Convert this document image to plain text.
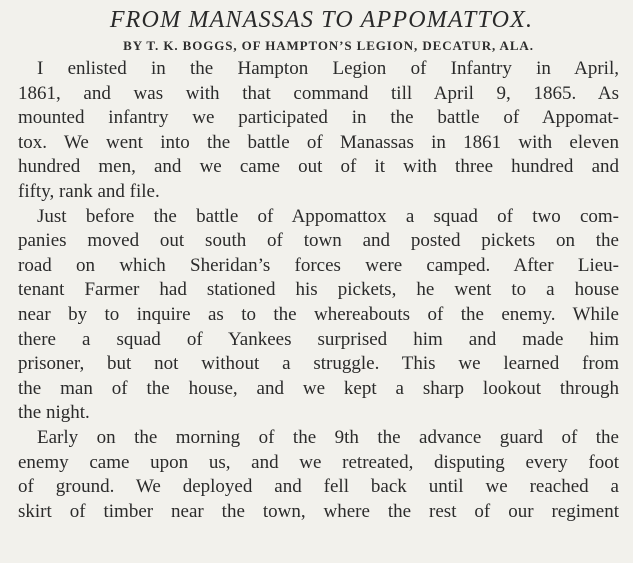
FROM MANASSAS TO APPOMATTOX.
BY T. K. BOGGS, OF HAMPTON’S LEGION, DECATUR, ALA.
I enlisted in the Hampton Legion of Infantry in April,
1861, and was with that command till April 9, 1865. As
mounted infantry we participated in the battle of Appomat-
tox. We went into the battle of Manassas in 1861 with eleven
hundred men, and we came out of it with three hundred and
fifty, rank and file.
Just before the battle of Appomattox a squad of two com-
panies moved out south of town and posted pickets on the
road on which Sheridan’s forces were camped. After Lieu-
tenant Farmer had stationed his pickets, he went to a house
near by to inquire as to the whereabouts of the enemy. While
there a squad of Yankees surprised him and made him
prisoner, but not without a struggle. This we learned from
the man of the house, and we kept a sharp lookout through
the night.
Early on the morning of the 9th the advance guard of the
enemy came upon us, and we retreated, disputing every foot
of ground. We deployed and fell back until we reached a
skirt of timber near the town, where the rest of our regiment
